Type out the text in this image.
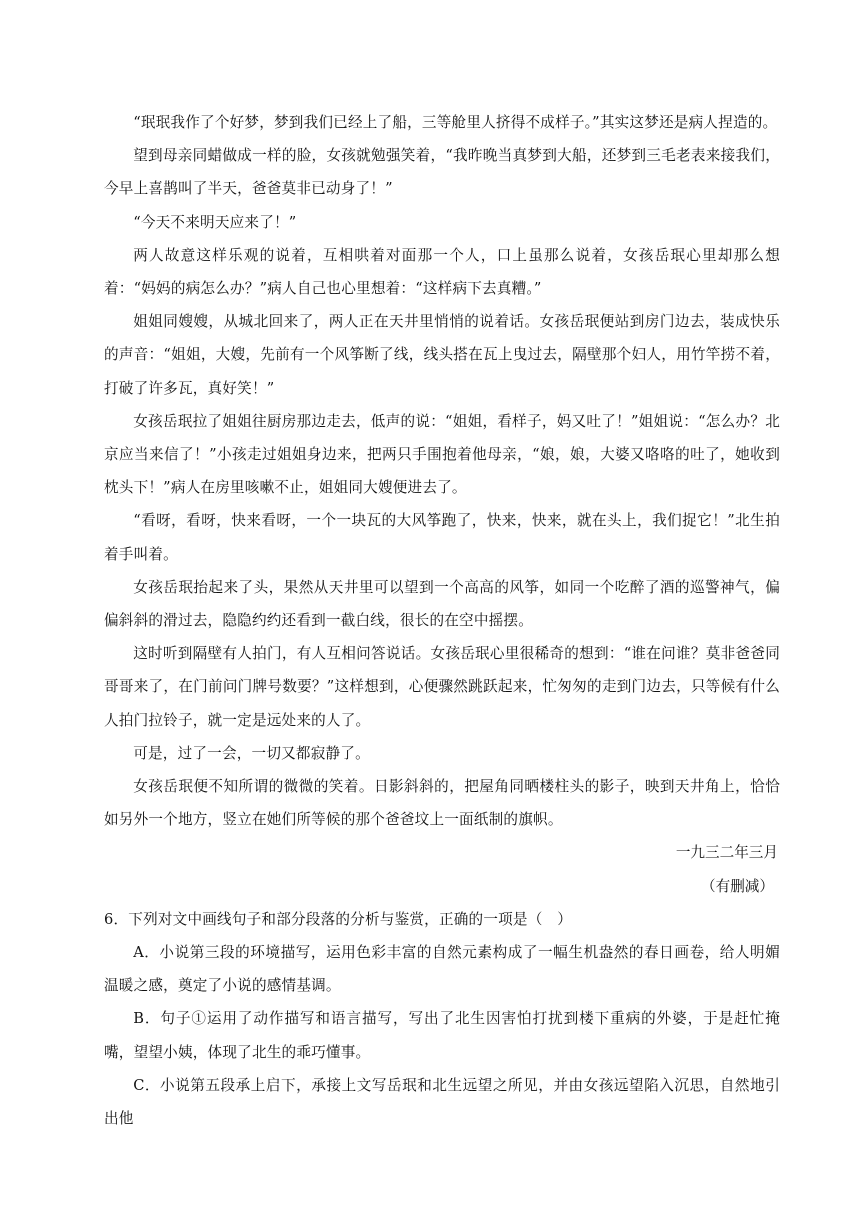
“珉珉我作了个好梦，梦到我们已经上了船，三等舱里人挤得不成样子。”其实这梦还是病人捏造的。

望到母亲同蜡做成一样的脸，女孩就勉强笑着，“我昨晚当真梦到大船，还梦到三毛老表来接我们，今早上喜鹊叫了半天，爸爸莫非已动身了！”

“今天不来明天应来了！”

两人故意这样乐观的说着，互相哄着对面那一个人，口上虽那么说着，女孩岳珉心里却那么想着：“妈妈的病怎么办？”病人自己也心里想着：“这样病下去真糟。”

姐姐同嫂嫂，从城北回来了，两人正在天井里悄悄的说着话。女孩岳珉便站到房门边去，装成快乐的声音：“姐姐，大嫂，先前有一个风筝断了线，线头搭在瓦上曳过去，隔壁那个妇人，用竹竿捞不着，打破了许多瓦，真好笑！”

女孩岳珉拉了姐姐往厨房那边走去，低声的说：“姐姐，看样子，妈又吐了！”姐姐说：“怎么办？北京应当来信了！”小孩走过姐姐身边来，把两只手围抱着他母亲，“娘，娘，大婆又咯咯的吐了，她收到枕头下！”病人在房里咳嗽不止，姐姐同大嫂便进去了。

“看呀，看呀，快来看呀，一个一块瓦的大风筝跑了，快来，快来，就在头上，我们捉它！”北生拍着手叫着。

女孩岳珉抬起来了头，果然从天井里可以望到一个高高的风筝，如同一个吃醉了酒的巡警神气，偏偏斜斜的滑过去，隐隐约约还看到一截白线，很长的在空中摇摆。

这时听到隔壁有人拍门，有人互相问答说话。女孩岳珉心里很稀奇的想到：“谁在问谁？莫非爸爸同哥哥来了，在门前问门牌号数要？”这样想到，心便骤然跳跃起来，忙匆匆的走到门边去，只等候有什么人拍门拉铃子，就一定是远处来的人了。

可是，过了一会，一切又都寂静了。

女孩岳珉便不知所谓的微微的笑着。日影斜斜的，把屋角同晒楼柱头的影子，映到天井角上，恰恰如另外一个地方，竖立在她们所等候的那个爸爸坟上一面纸制的旗帜。

一九三二年三月

（有删减）

6．下列对文中画线句子和部分段落的分析与鉴赏，正确的一项是（　）

A．小说第三段的环境描写，运用色彩丰富的自然元素构成了一幅生机盎然的春日画卷，给人明媚温暖之感，奠定了小说的感情基调。

B．句子①运用了动作描写和语言描写，写出了北生因害怕打扰到楼下重病的外婆，于是赶忙掩嘴，望望小姨，体现了北生的乖巧懂事。

C．小说第五段承上启下，承接上文写岳珉和北生远望之所见，并由女孩远望陷入沉思，自然地引出他
